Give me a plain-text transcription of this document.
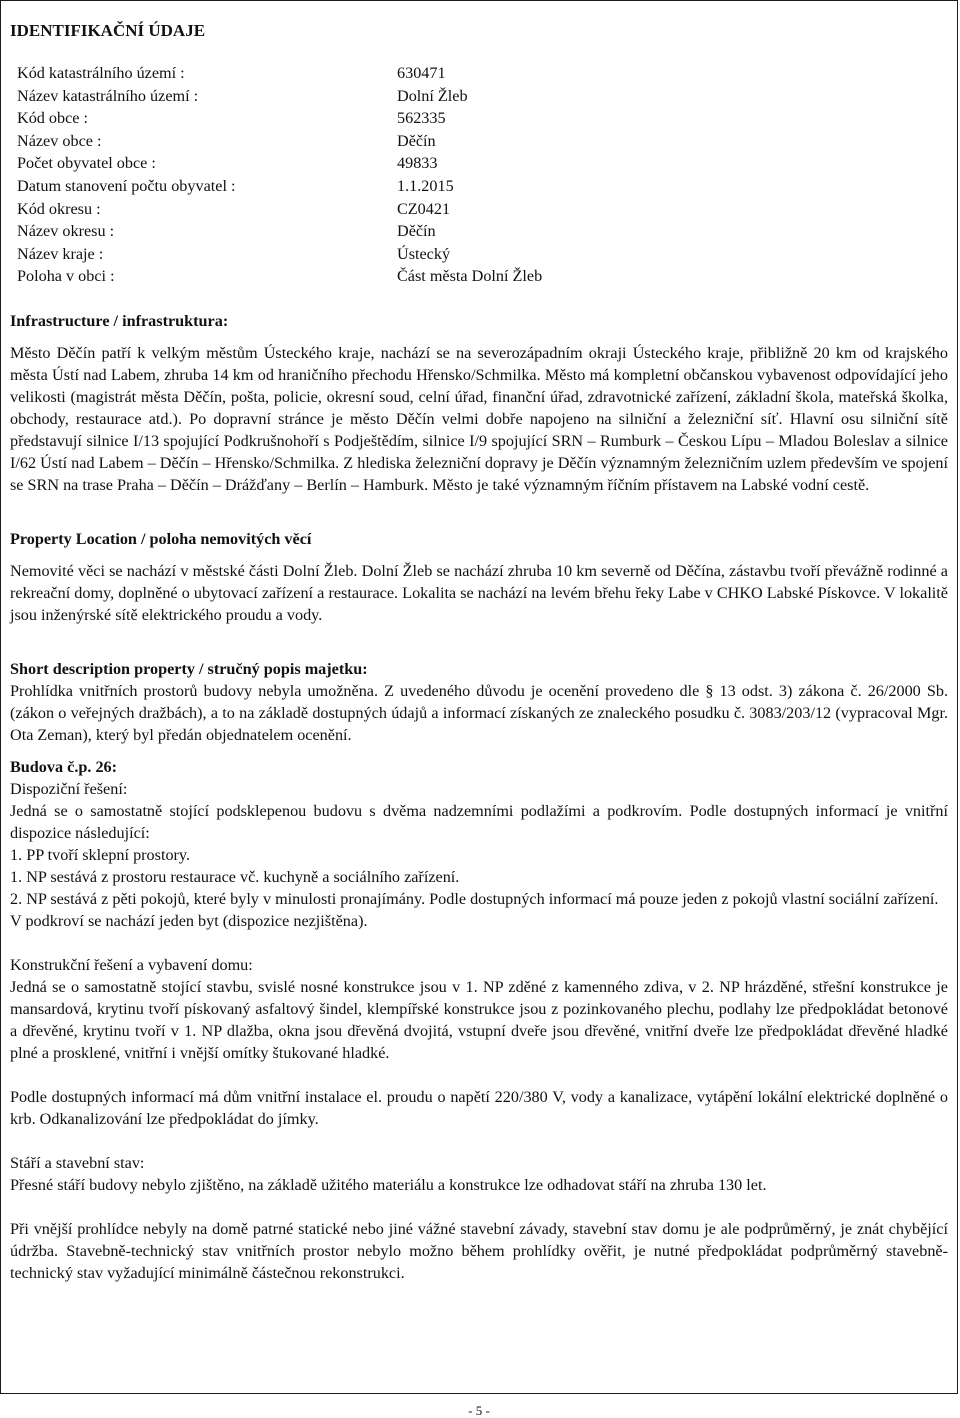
IDENTIFIKAČNÍ ÚDAJE

Kód katastrálního území :	630471
Název katastrálního území :	Dolní Žleb
Kód obce :	562335
Název obce :	Děčín
Počet obyvatel obce :	49833
Datum stanovení počtu obyvatel :	1.1.2015
Kód okresu :	CZ0421
Název okresu :	Děčín
Název kraje :	Ústecký
Poloha v obci :	Část města Dolní Žleb

Infrastructure / infrastruktura:

Město Děčín patří k velkým městům Ústeckého kraje, nachází se na severozápadním okraji Ústeckého kraje, přibližně 20 km od krajského města Ústí nad Labem, zhruba 14 km od hraničního přechodu Hřensko/Schmilka. Město má kompletní občanskou vybavenost odpovídající jeho velikosti (magistrát města Děčín, pošta, policie, okresní soud, celní úřad, finanční úřad, zdravotnické zařízení, základní škola, mateřská školka, obchody, restaurace atd.). Po dopravní stránce je město Děčín velmi dobře napojeno na silniční a železniční síť. Hlavní osu silniční sítě představují silnice I/13 spojující Podkrušnohoří s Podještědím, silnice I/9 spojující SRN – Rumburk – Českou Lípu – Mladou Boleslav a silnice I/62 Ústí nad Labem – Děčín – Hřensko/Schmilka. Z hlediska železniční dopravy je Děčín významným železničním uzlem především ve spojení se SRN na trase Praha – Děčín – Drážďany – Berlín – Hamburk. Město je také významným říčním přístavem na Labské vodní cestě.

Property Location / poloha nemovitých věcí

Nemovité věci se nachází v městské části Dolní Žleb. Dolní Žleb se nachází zhruba 10 km severně od Děčína, zástavbu tvoří převážně rodinné a rekreační domy, doplněné o ubytovací zařízení a restaurace. Lokalita se nachází na levém břehu řeky Labe v CHKO Labské Pískovce. V lokalitě jsou inženýrské sítě elektrického proudu a vody.

Short description property / stručný popis majetku:

Prohlídka vnitřních prostorů budovy nebyla umožněna. Z uvedeného důvodu je ocenění provedeno dle § 13 odst. 3) zákona č. 26/2000 Sb. (zákon o veřejných dražbách), a to na základě dostupných údajů a informací získaných ze znaleckého posudku č. 3083/203/12 (vypracoval Mgr. Ota Zeman), který byl předán objednatelem ocenění.

Budova č.p. 26:

Dispoziční řešení:

Jedná se o samostatně stojící podsklepenou budovu s dvěma nadzemními podlažími a podkrovím. Podle dostupných informací je vnitřní dispozice následující:

1. PP tvoří sklepní prostory.

1. NP sestává z prostoru restaurace vč. kuchyně a sociálního zařízení.

2. NP sestává z pěti pokojů, které byly v minulosti pronajímány. Podle dostupných informací má pouze jeden z pokojů vlastní sociální zařízení.

V podkroví se nachází jeden byt (dispozice nezjištěna).

Konstrukční řešení a vybavení domu:

Jedná se o samostatně stojící stavbu, svislé nosné konstrukce jsou v 1. NP zděné z kamenného zdiva, v 2. NP hrázděné, střešní konstrukce je mansardová, krytinu tvoří pískovaný asfaltový šindel, klempířské konstrukce jsou z pozinkovaného plechu, podlahy lze předpokládat betonové a dřevěné, krytinu tvoří v 1. NP dlažba, okna jsou dřevěná dvojitá, vstupní dveře jsou dřevěné, vnitřní dveře lze předpokládat dřevěné hladké plné a prosklené, vnitřní i vnější omítky štukované hladké.

Podle dostupných informací má dům vnitřní instalace el. proudu o napětí 220/380 V, vody a kanalizace, vytápění lokální elektrické doplněné o krb. Odkanalizování lze předpokládat do jímky.

Stáří a stavební stav:

Přesné stáří budovy nebylo zjištěno, na základě užitého materiálu a konstrukce lze odhadovat stáří na zhruba 130 let.

Při vnější prohlídce nebyly na domě patrné statické nebo jiné vážné stavební závady, stavební stav domu je ale podprůměrný, je znát chybějící údržba. Stavebně-technický stav vnitřních prostor nebylo možno během prohlídky ověřit, je nutné předpokládat podprůměrný stavebně-technický stav vyžadující minimálně částečnou rekonstrukci.

- 5 -
